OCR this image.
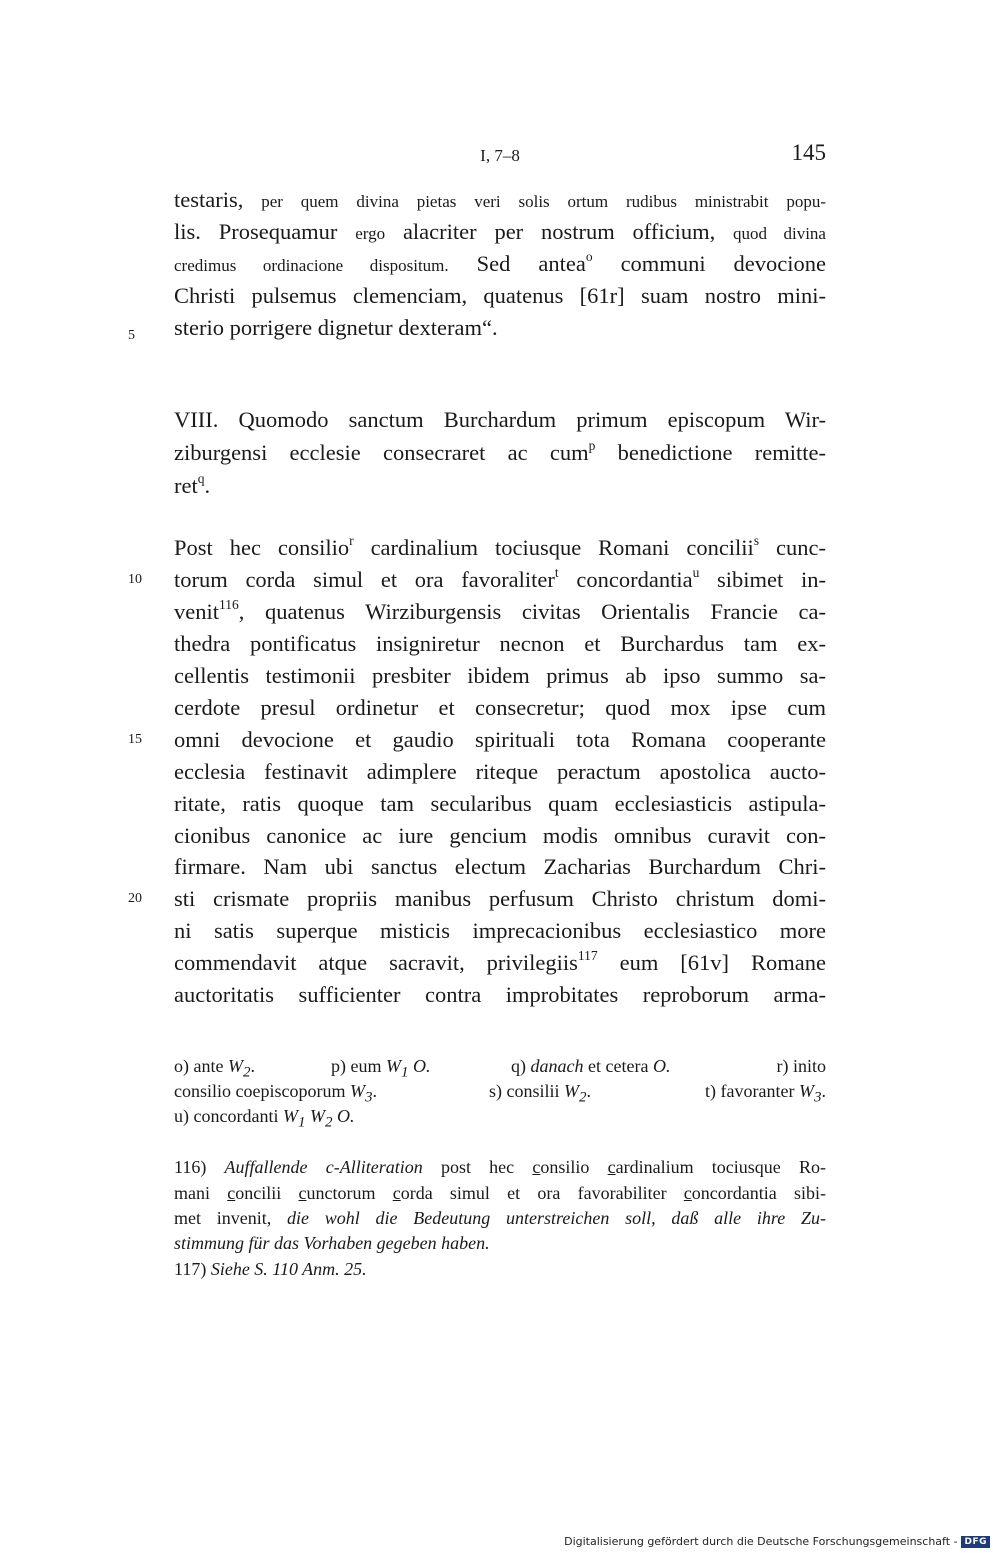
I, 7–8	145
5
10
15
20
testaris, per quem divina pietas veri solis ortum rudibus ministrabit popu-
lis. Prosequamur ergo alacriter per nostrum officium, quod divina
credimus ordinacione dispositum. Sed antea$^o$ communi devocione
Christi pulsemus clemenciam, quatenus [61r] suam nostro mini-
sterio porrigere dignetur dexteram“.
VIII. Quomodo sanctum Burchardum primum episcopum Wir-
ziburgensi ecclesie consecraret ac cum$^p$ benedictione remitte-
ret$^q$.
Post hec consilio$^r$ cardinalium tociusque Romani concilii$^s$ cunc-
torum corda simul et ora favoraliter$^t$ concordantia$^u$ sibimet in-
venit$^{116}$, quatenus Wirziburgensis civitas Orientalis Francie ca-
thedra pontificatus insigniretur necnon et Burchardus tam ex-
cellentis testimonii presbiter ibidem primus ab ipso summo sa-
cerdote presul ordinetur et consecretur; quod mox ipse cum
omni devocione et gaudio spirituali tota Romana cooperante
ecclesia festinavit adimplere riteque peractum apostolica aucto-
ritate, ratis quoque tam secularibus quam ecclesiasticis astipula-
cionibus canonice ac iure gencium modis omnibus curavit con-
firmare. Nam ubi sanctus electum Zacharias Burchardum Chri-
sti crismate propriis manibus perfusum Christo christum domi-
ni satis superque misticis imprecacionibus ecclesiastico more
commendavit atque sacravit, privilegiis$^{117}$ eum [61v] Romane
auctoritatis sufficienter contra improbitates reproborum arma-
o) ante $W_2$.	p) eum $W_1$ O.	q) danach et cetera O.	r) inito
consilio coepiscoporum $W_3$.	s) consilii $W_2$.	t) favoranter $W_3$.
u) concordanti $W_1$ $W_2$ O.
116) Auffallende c-Alliteration post hec consilio cardinalium tociusque Ro-
mani concilii cunctorum corda simul et ora favorabiliter concordantia sibi-
met invenit, die wohl die Bedeutung unterstreichen soll, daß alle ihre Zu-
stimmung für das Vorhaben gegeben haben.
117) Siehe S. 110 Anm. 25.
Digitalisierung gefördert durch die Deutsche Forschungsgemeinschaft - DFG
